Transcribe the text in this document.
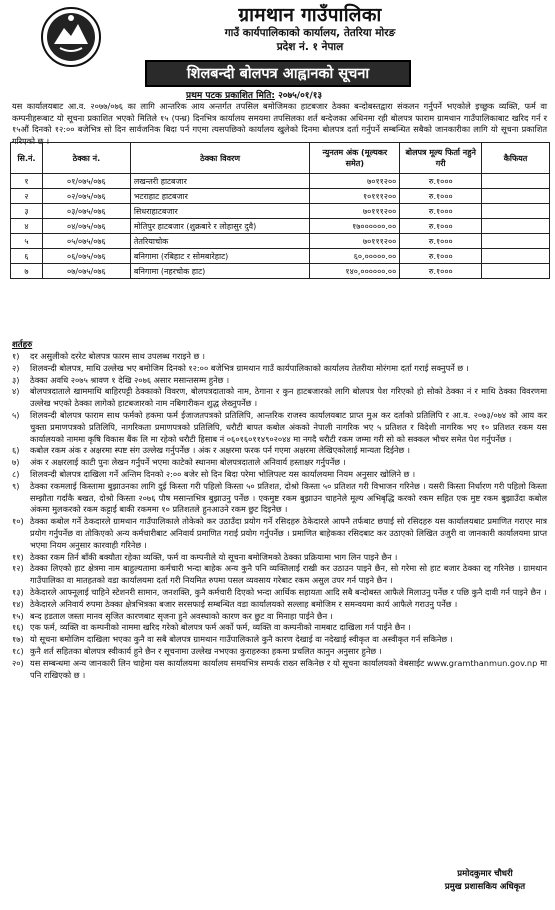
ग्रामथान गाउँपालिका
गाउँ कार्यपालिकाको कार्यालय, तेतरिया मोरङ
प्रदेश नं. १ नेपाल
शिलबन्दी बोलपत्र आह्वानको सूचना
प्रथम पटक प्रकाशित मिति: २०७५/०१/१३
यस कार्यालयबाट आ.व. २०७७/०७६ का लागि आन्तरिक आय अन्तर्गत तपसिल बमोजिमका हाटबजार ठेक्का बन्दोबस्तद्वारा संकलन गर्नुपर्ने भएकोले इच्छुक व्यक्ति, फर्म वा कम्पनीहरूबाट यो सूचना प्रकाशित भएको मितिले १५ (पन्ध्र) दिनभित्र कार्यालय समयमा तपसिलका शर्त बन्देजका अधिनमा रही बोलपत्र फाराम ग्रामथान गाउँपालिकाबाट खरिद गर्न र १५औं दिनको १२:०० बजेभित्र सो दिन सार्वजनिक बिदा पर्न गएमा त्यसपछिको कार्यालय खुलेको दिनमा बोलपत्र दर्ता गर्नुपर्ने सम्बन्धित सबैको जानकारीका लागि यो सूचना प्रकाशित गरिएको छ ।
सि.नं.	ठेक्का नं.	ठेक्का विवरण	न्युनतम अंक (मूल्यकर समेत)	बोलपत्र मूल्य फिर्ता नहुने गरी	कैफियत
१	०१/०७५/०७६	लखन्तरी हाटबजार	७०११२००	रु.१०००	
२	०२/०७५/०७६	भटराहाट हाटबजार	१०१११२००	रु.१०००	
३	०३/०७५/०७६	सिधराहाटबजार	७०१११२००	रु.१०००	
४	०४/०७५/०७६	मोतिपुर हाटबजार (शुक्रबारे र लोहासुर दुवै)	१७००००००.००	रु.१०००	
५	०५/०७५/०७६	तेतरियाचोक	७०१११२००	रु.१०००	
६	०६/०७५/०७६	बनिगामा (रबिहाट र सोमबारेहाट)	६०,०००००.००	रु.१०००	
७	०७/०७५/०७६	बनिगामा (नहरचोक हाट)	१४०,००००००.००	रु.१०००	
शर्तहरु
१)	दर असुलीको दररेट बोलपत्र फारम साथ उपलब्ध गराइने छ ।
२)	शिलवन्दी बोलपत्र, माथि उल्लेख भए बमोजिम दिनको १२:०० बजेभित्र ग्रामथान गाउँ कार्यपालिकाको कार्यालय तेतरीया मोरंगमा दर्ता गराई सक्नुपर्ने छ ।
३)	ठेक्का अवधि २०७५ श्रावण १ देखि २०७६ असार मसान्तसम्म हुनेछ ।
४)	बोलपत्रदाताले खाममाथि बाहिरपट्टी ठेक्काको विवरण, बोलपत्रदाताको नाम, ठेगाना र कुन हाटबजारको लागि बोलपत्र पेश गरिएको हो सोको ठेक्का नं र माथि ठेक्का विवरणमा उल्लेख भएको ठेक्का लागेको हाटबजारको नाम नबिगारीकन शुद्ध लेख्नुपर्नेछ ।
५)	शिलवन्दी बोलपत्र फाराम साथ फर्मको हकमा फर्म ईजाजतपत्रको प्रतिलिपि, आन्तरिक राजस्व कार्यालयबाट प्राप्त मुअ कर दर्ताको प्रतिलिपि र आ.व. २०७३/०७४ को आय कर चुक्ता प्रमाणपत्रको प्रतिलिपि, नागरिकता प्रमाणपत्रको प्रतिलिपि, धरौटी बापत कबोल अंकको नेपाली नागरिक भए ५ प्रतिशत र विदेशी नागरिक भए १० प्रतिशत रकम यस कार्यालयको नाममा कृषि विकास बैंक लि मा रहेको धरौटी हिसाब नं ०६०१६०११४९०२०४४ मा नगदै धरौटी रकम जम्मा गरी सो को सक्कल भौचर समेत पेश गर्नुपर्नेछ ।
६)	कबोल रकम अंक र अक्षरमा स्पष्ट संग उल्लेख गर्नुपर्नेछ । अंक र अक्षरमा फरक पर्न गएमा अक्षरमा लेखिएकोलाई मान्यता दिईनेछ ।
७)	अंक र अक्षरलाई काटी पुनः लेखन गर्नुपर्ने भएमा काटेको स्थानमा बोलपत्रदाताले अनिवार्य हस्ताक्षर गर्नुपर्नेछ ।
८)	शिलवन्दी बोलपत्र दाखिला गर्ने अन्तिम दिनको २:०० बजेर सो दिन बिदा परेमा भोलिपल्ट यस कार्यालयमा नियम अनुसार खोलिने छ ।
९)	ठेक्का रकमलाई किस्तामा बुझाउनका लागि दुई किस्ता गरी पहिलो किस्ता ५० प्रतिशत, दोश्रो किस्ता ५० प्रतिशत गरी विभाजन गरिनेछ । यसरी किस्ता निर्धारण गरी पहिलो किस्ता सम्झौता गर्दाकै बखत, दोश्रो किस्ता २०७६ पौष मसान्तभित्र बुझाउनु पर्नेछ । एकमुष्ट रकम बुझाउन चाहनेले मूल्य अभिबृद्धि करको रकम सहित एक मुष्ट रकम बुझाउँदा कबोल अंकमा मुलकरको रकम कट्टाई बाकी रकममा १० प्रतिशतले हुनआउने रकम छुट दिइनेछ ।
१०) ठेक्का कबोल गर्ने ठेकदारले ग्रामथान गाउँपालिकाले तोकेको कर उठाउँदा प्रयोग गर्ने रसिदहरु ठेकेदारले आफ्नै तर्फबाट छपाई सो रसिदहरु यस कार्यालयबाट प्रमाणित गराएर मात्र प्रयोग गर्नुपर्नेछ वा तोकिएको अन्य कर्मचारीबाट अनिवार्य प्रमाणित गराई प्रयोग गर्नुपर्नेछ । प्रमाणित बाहेकका रसिदबाट कर उठाएको लिखित उजुरी वा जानकारी कार्यालयमा प्राप्त भएमा नियम अनुसार कारवाही गरिनेछ ।
११) ठेक्का रकम तिर्न बाँकी बक्यौता रहेका व्यक्ति, फर्म वा कम्पनीले यो सूचना बमोजिमको ठेक्का प्रक्रियामा भाग लिन पाइने छैन ।
१२) ठेक्का लिएको हाट क्षेत्रमा नाम बाहुल्यतामा कर्मचारी भन्दा बाहेक अन्य कुनै पनि व्यक्तिलाई राखी कर उठाउन पाइने छैन, सो गरेमा सो हाट बजार ठेक्का रद्द गरिनेछ । ग्रामथान गाउँपालिका वा मातहतको वडा कार्यालयमा दर्ता गरी नियमित रुपमा पसल व्यवसाय गरेबाट रकम असुल उपर गर्न पाइने छैन ।
१३) ठेकेदारले आफ्नूलाई चाहिने स्टेशनरी सामान, जनशक्ति, कुनै कर्मचारी दिएको भन्दा आर्थिक सहायता आदि सबै बन्दोबस्त आफैले मिलाउनु पर्नेछ र पछि कुनै दावी गर्न पाइने छैन ।
१४) ठेकेदारले अनिवार्य रुपमा ठेक्का क्षेत्रभित्रका बजार सरसफाई सम्बन्धित वडा कार्यालयको सल्लाह बमोजिम र समन्वयमा कार्य आफैले गराउनु पर्नेछ ।
१५) बन्द हडताल जस्ता मानव सृजित कारणबाट सृजना हुने अवस्थाको कारण कर छुट वा मिनाहा पाईने छैन ।
१६) एक फर्म, व्यक्ति वा कम्पनीको नाममा खरिद गरेको बोलपत्र फर्म अर्को फर्म, व्यक्ति वा कम्पनीको नामबाट दाखिला गर्न पाईने छैन ।
१७) यो सूचना बमोजिम दाखिला भएका कुनै वा सबै बोलपत्र ग्रामथान गाउँपालिकाले कुनै कारण देखाई वा नदेखाई स्वीकृत वा अस्वीकृत गर्न सकिनेछ ।
१८) कुनै शर्त सहितका बोलपत्र स्वीकार्य हुने छैन र सूचनामा उल्लेख नभएका कुराहरुका हकमा प्रचलित कानुन अनुसार हुनेछ ।
२०) यस सम्बन्धमा अन्य जानकारी लिन चाहेमा यस कार्यालयमा कार्यालय समयभित्र सम्पर्क राख्न सकिनेछ र यो सूचना कार्यालयको वेबसाईट www.gramthanmun.gov.np मा पनि राखिएको छ ।
प्रमोदकुमार चौधरी
प्रमुख प्रशासकिय अधिकृत
